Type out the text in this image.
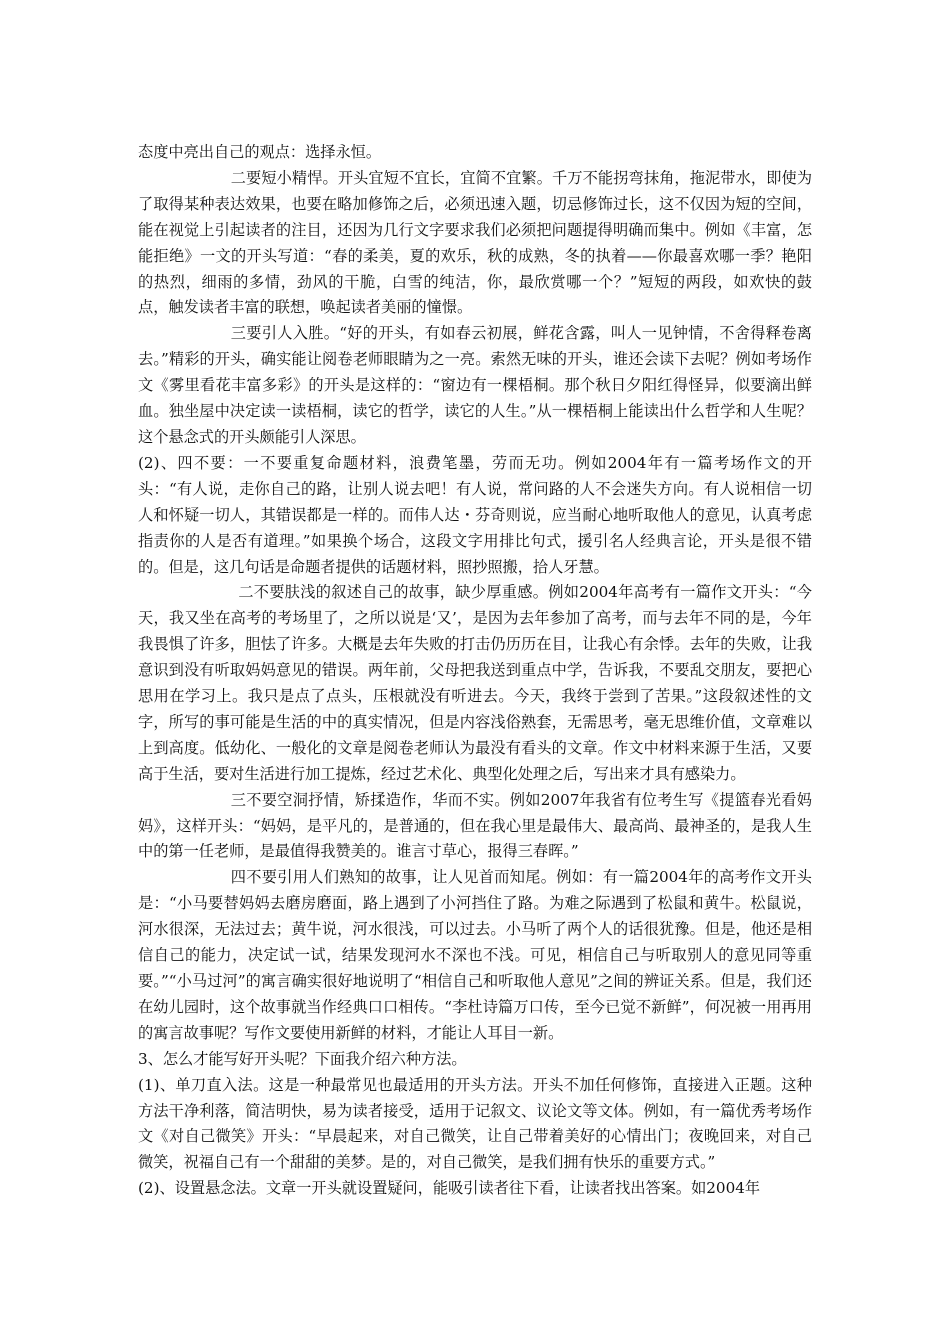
态度中亮出自己的观点：选择永恒。

二要短小精悍。开头宜短不宜长，宜简不宜繁。千万不能拐弯抹角，拖泥带水，即使为了取得某种表达效果，也要在略加修饰之后，必须迅速入题，切忌修饰过长，这不仅因为短的空间，能在视觉上引起读者的注目，还因为几行文字要求我们必须把问题提得明确而集中。例如《丰富，怎能拒绝》一文的开头写道：“春的柔美，夏的欢乐，秋的成熟，冬的执着——你最喜欢哪一季？艳阳的热烈，细雨的多情，劲风的干脆，白雪的纯洁，你，最欣赏哪一个？”短短的两段，如欢快的鼓点，触发读者丰富的联想，唤起读者美丽的憧憬。

三要引人入胜。“好的开头，有如春云初展，鲜花含露，叫人一见钟情，不舍得释卷离去。”精彩的开头，确实能让阅卷老师眼睛为之一亮。索然无味的开头，谁还会读下去呢？例如考场作文《雾里看花丰富多彩》的开头是这样的：“窗边有一棵梧桐。那个秋日夕阳红得怪异，似要滴出鲜血。独坐屋中决定读一读梧桐，读它的哲学，读它的人生。”从一棵梧桐上能读出什么哲学和人生呢？这个悬念式的开头颇能引人深思。

(2)、四不要：一不要重复命题材料，浪费笔墨，劳而无功。例如2004年有一篇考场作文的开头：“有人说，走你自己的路，让别人说去吧！有人说，常问路的人不会迷失方向。有人说相信一切人和怀疑一切人，其错误都是一样的。而伟人达・芬奇则说，应当耐心地听取他人的意见，认真考虑指责你的人是否有道理。”如果换个场合，这段文字用排比句式，援引名人经典言论，开头是很不错的。但是，这几句话是命题者提供的话题材料，照抄照搬，拾人牙慧。

二不要肤浅的叙述自己的故事，缺少厚重感。例如2004年高考有一篇作文开头：“今天，我又坐在高考的考场里了，之所以说是‘又’，是因为去年参加了高考，而与去年不同的是，今年我畏惧了许多，胆怯了许多。大概是去年失败的打击仍历历在目，让我心有余悸。去年的失败，让我意识到没有听取妈妈意见的错误。两年前，父母把我送到重点中学，告诉我，不要乱交朋友，要把心思用在学习上。我只是点了点头，压根就没有听进去。今天，我终于尝到了苦果。”这段叙述性的文字，所写的事可能是生活的中的真实情况，但是内容浅俗熟套，无需思考，毫无思维价值，文章难以上到高度。低幼化、一般化的文章是阅卷老师认为最没有看头的文章。作文中材料来源于生活，又要高于生活，要对生活进行加工提炼，经过艺术化、典型化处理之后，写出来才具有感染力。

三不要空洞抒情，矫揉造作，华而不实。例如2007年我省有位考生写《提篮春光看妈妈》，这样开头：“妈妈，是平凡的，是普通的，但在我心里是最伟大、最高尚、最神圣的，是我人生中的第一任老师，是最值得我赞美的。谁言寸草心，报得三春晖。”

四不要引用人们熟知的故事，让人见首而知尾。例如：有一篇2004年的高考作文开头是：“小马要替妈妈去磨房磨面，路上遇到了小河挡住了路。为难之际遇到了松鼠和黄牛。松鼠说，河水很深，无法过去；黄牛说，河水很浅，可以过去。小马听了两个人的话很犹豫。但是，他还是相信自己的能力，决定试一试，结果发现河水不深也不浅。可见，相信自己与听取别人的意见同等重要。”“小马过河”的寓言确实很好地说明了“相信自己和听取他人意见”之间的辨证关系。但是，我们还在幼儿园时，这个故事就当作经典口口相传。“李杜诗篇万口传，至今已觉不新鲜”，何况被一用再用的寓言故事呢？写作文要使用新鲜的材料，才能让人耳目一新。

3、怎么才能写好开头呢？下面我介绍六种方法。

(1)、单刀直入法。这是一种最常见也最适用的开头方法。开头不加任何修饰，直接进入正题。这种方法干净利落，简洁明快，易为读者接受，适用于记叙文、议论文等文体。例如，有一篇优秀考场作文《对自己微笑》开头：“早晨起来，对自己微笑，让自己带着美好的心情出门；夜晚回来，对自己微笑，祝福自己有一个甜甜的美梦。是的，对自己微笑，是我们拥有快乐的重要方式。”

(2)、设置悬念法。文章一开头就设置疑问，能吸引读者往下看，让读者找出答案。如2004年
